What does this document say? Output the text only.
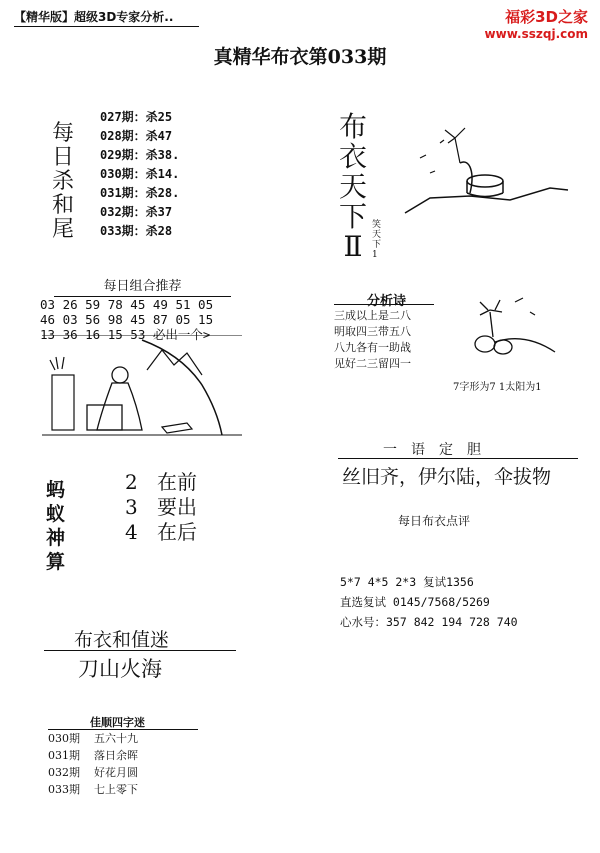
【精华版】超级3D专家分析..	福彩3D之家
www.sszqj.com
真精华布衣第033期
每
日
杀
和
尾
027期：杀25
028期：杀47
029期：杀38.
030期：杀14.
031期：杀28.
032期：杀37
033期：杀28
布
衣
天
下
Ⅱ
笑天下1
每日组合推荐
03 26 59 78 45 49 51 05
46 03 56 98 45 87 05 15
13 36 16 15 53 必出一个>
分析诗
三成以上是二八
明取四三带五八
八九各有一助战
见好二三留四一
7字形为7 1太阳为1
一语定胆
丝旧齐，伊尔陆，伞拔物
每日布衣点评
5*7 4*5 2*3 复试1356
直选复试 0145/7568/5269
心水号：357 842 194 728 740
蚂
蚁
神
算
2 在前
3 要出
4 在后
布衣和值迷
刀山火海
佳顺四字迷
030期 五六十九
031期 落日余晖
032期 好花月圆
033期 七上零下
